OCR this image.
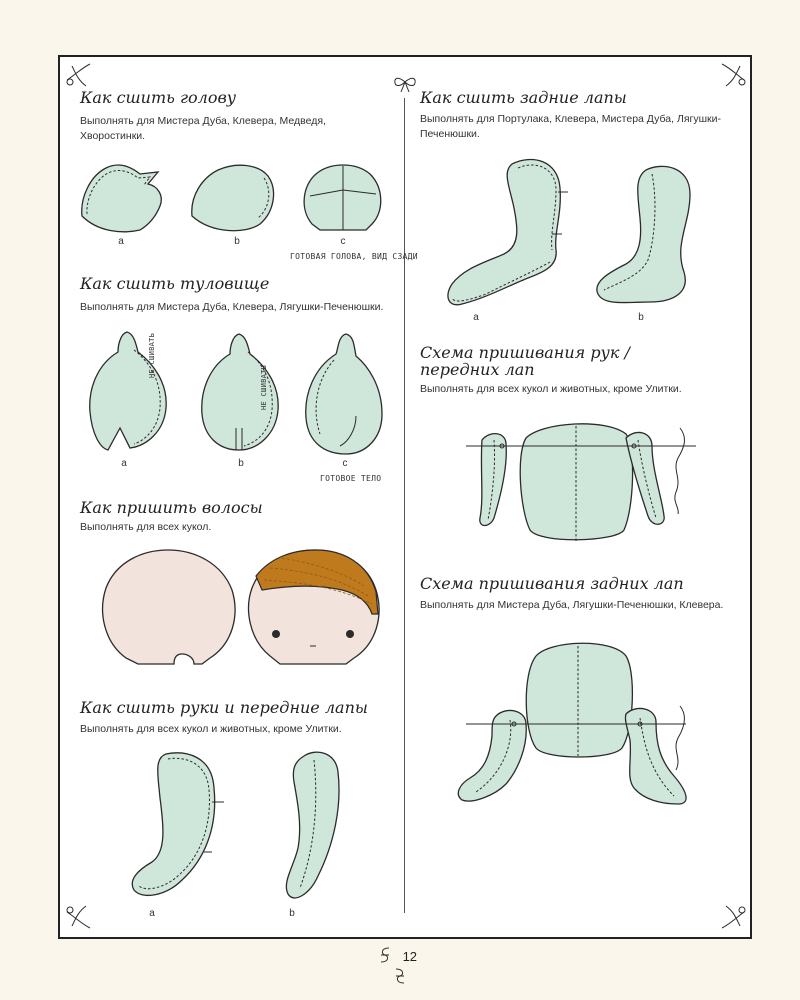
Как сшить голову

Выполнять для Мистера Дуба, Клевера, Медведя, Хворостинки.

a	b	c
ГОТОВАЯ ГОЛОВА, ВИД СЗАДИ
Как сшить туловище

Выполнять для Мистера Дуба, Клевера, Лягушки-Печенюшки.

a
НЕ СШИВАТЬ
b
НЕ СШИВАТЬ
c
ГОТОВОЕ ТЕЛО
Как пришить волосы

Выполнять для всех кукол.

Как сшить руки и передние лапы

Выполнять для всех кукол и животных, кроме Улитки.

a	b
Как сшить задние лапы

Выполнять для Портулака, Клевера, Мистера Дуба, Лягушки-Печенюшки.

a	b
Схема пришивания рук / передних лап

Выполнять для всех кукол и животных, кроме Улитки.

Схема пришивания задних лап

Выполнять для Мистера Дуба, Лягушки-Печенюшки, Клевера.

12
